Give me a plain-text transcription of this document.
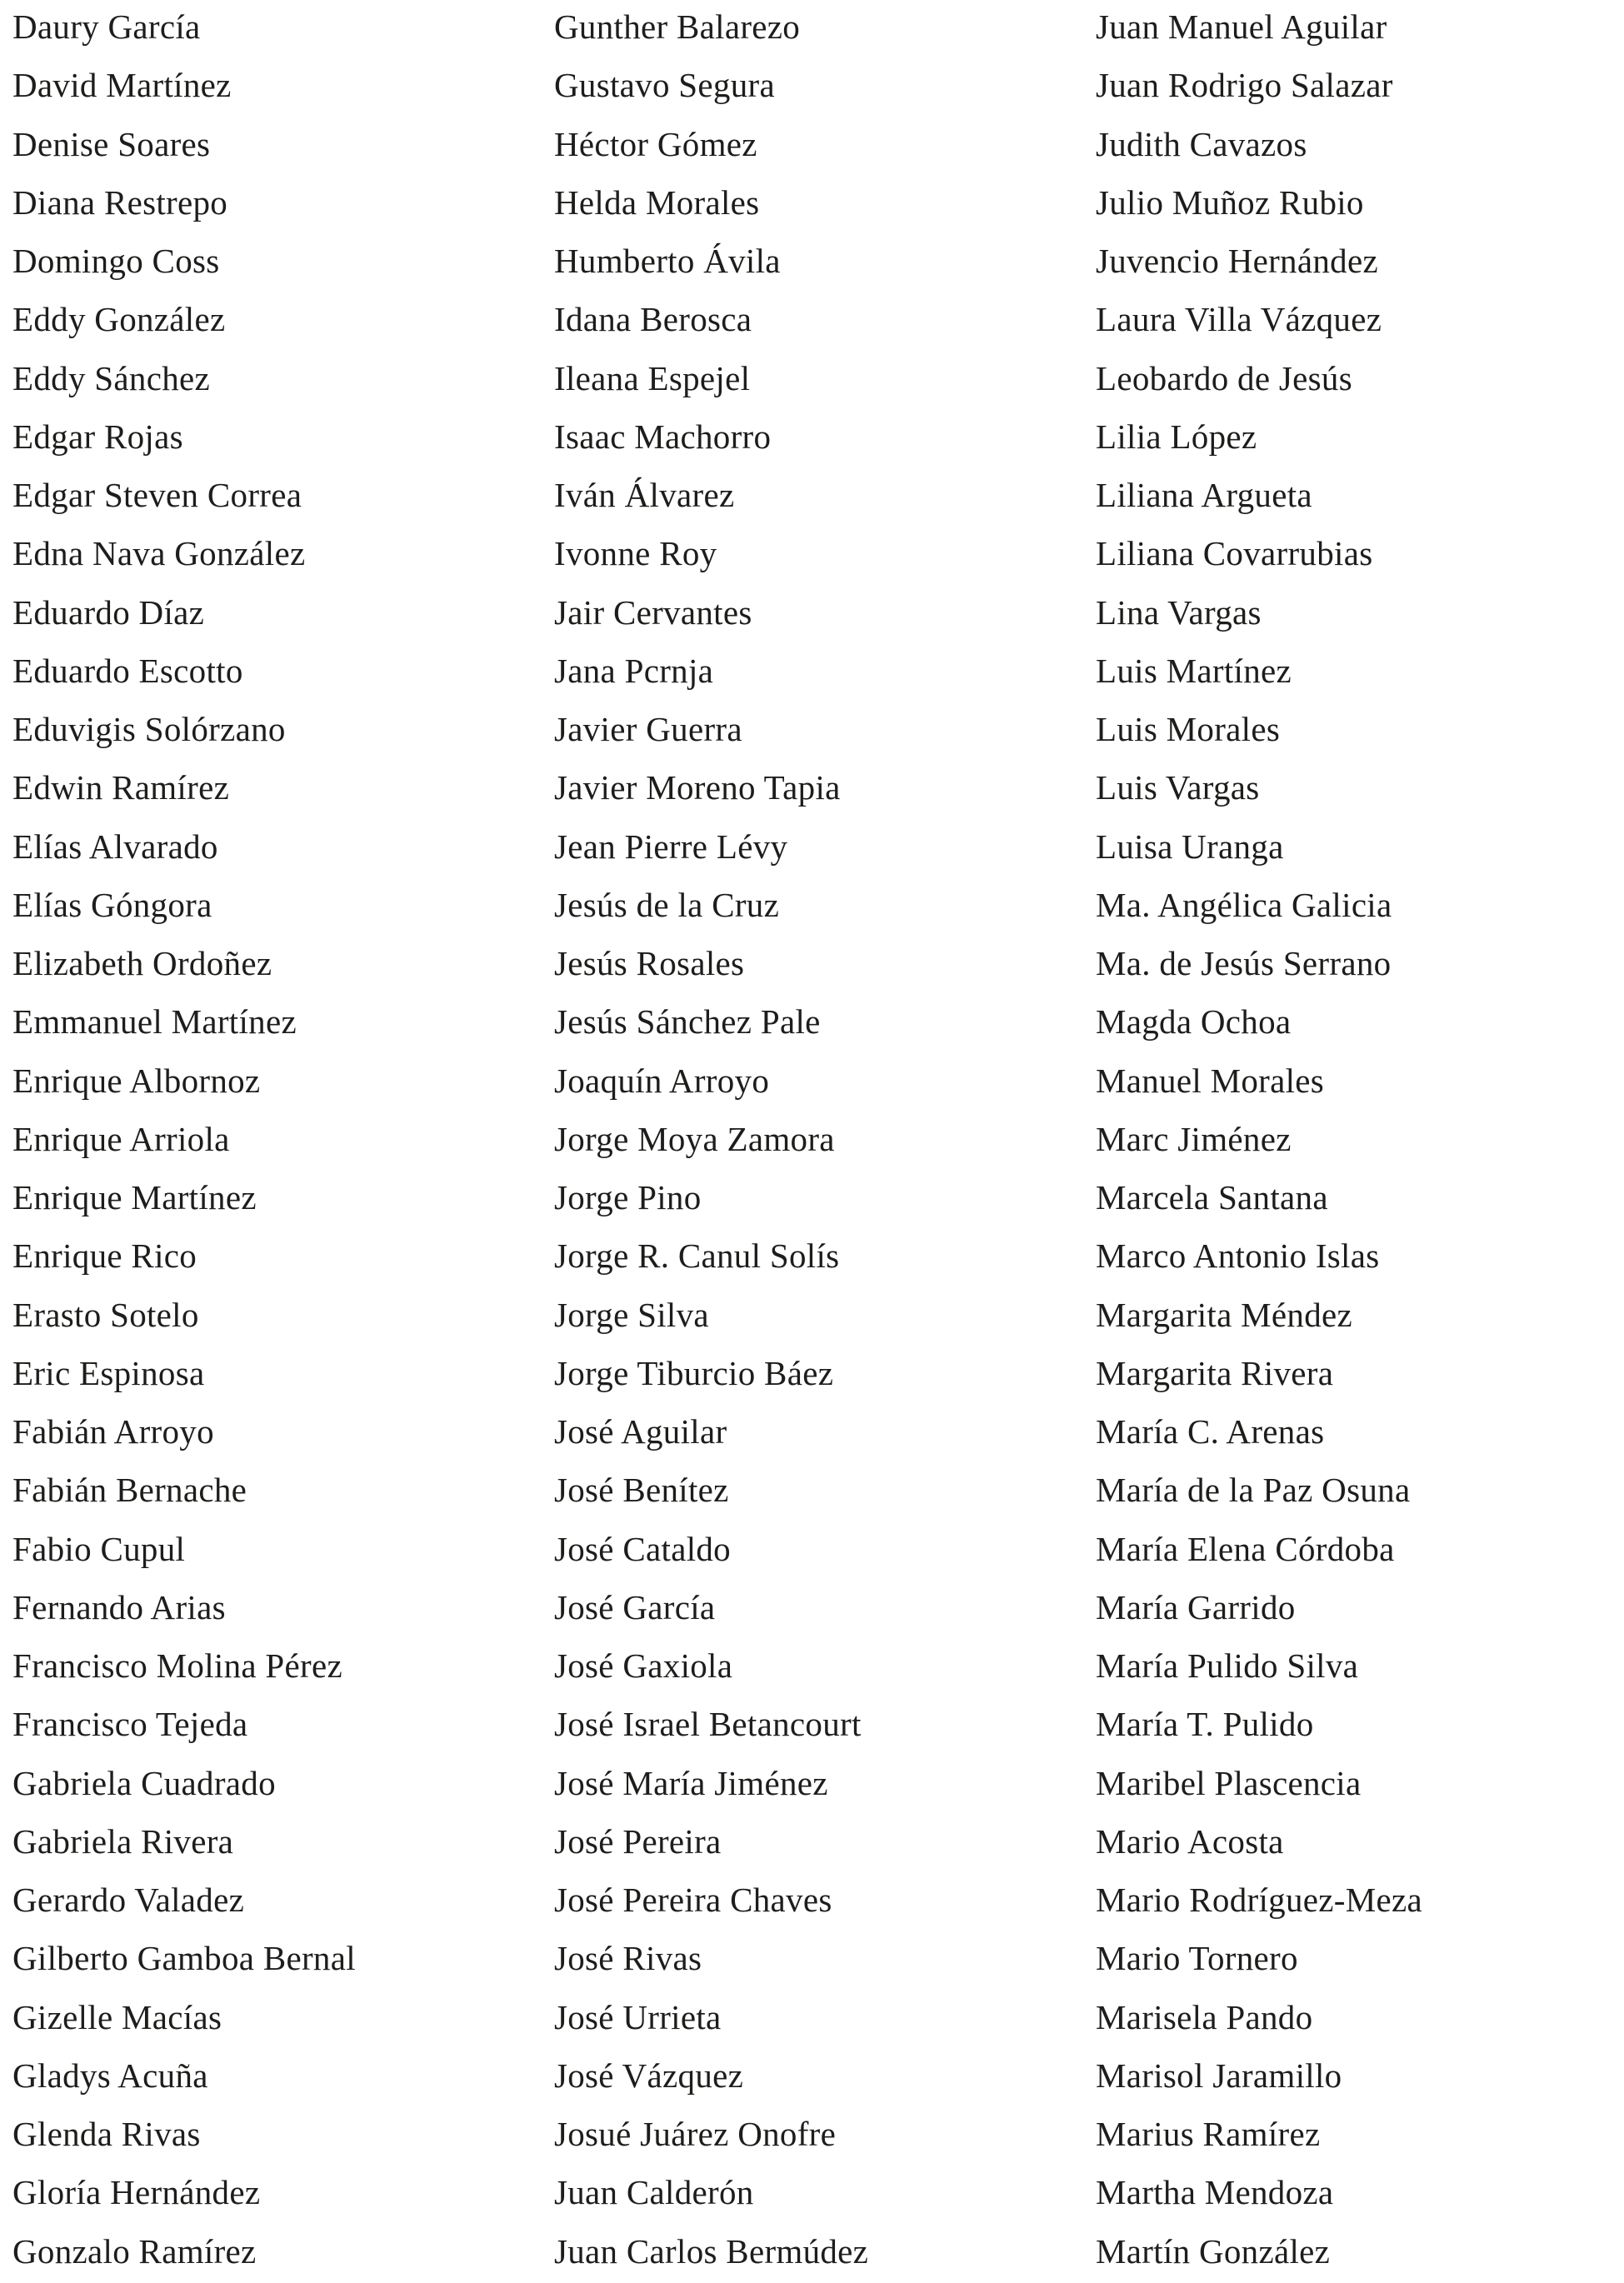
Daury García
David Martínez
Denise Soares
Diana Restrepo
Domingo Coss
Eddy González
Eddy Sánchez
Edgar Rojas
Edgar Steven Correa
Edna Nava González
Eduardo Díaz
Eduardo Escotto
Eduvigis Solórzano
Edwin Ramírez
Elías Alvarado
Elías Góngora
Elizabeth Ordoñez
Emmanuel Martínez
Enrique Albornoz
Enrique Arriola
Enrique Martínez
Enrique Rico
Erasto Sotelo
Eric Espinosa
Fabián Arroyo
Fabián Bernache
Fabio Cupul
Fernando Arias
Francisco Molina Pérez
Francisco Tejeda
Gabriela Cuadrado
Gabriela Rivera
Gerardo Valadez
Gilberto Gamboa Bernal
Gizelle Macías
Gladys Acuña
Glenda Rivas
Gloría Hernández
Gonzalo Ramírez
Gunther Balarezo
Gustavo Segura
Héctor Gómez
Helda Morales
Humberto Ávila
Idana Berosca
Ileana Espejel
Isaac Machorro
Iván Álvarez
Ivonne Roy
Jair Cervantes
Jana Pcrnja
Javier Guerra
Javier Moreno Tapia
Jean Pierre Lévy
Jesús de la Cruz
Jesús Rosales
Jesús Sánchez Pale
Joaquín Arroyo
Jorge Moya Zamora
Jorge Pino
Jorge R. Canul Solís
Jorge Silva
Jorge Tiburcio Báez
José Aguilar
José Benítez
José Cataldo
José García
José Gaxiola
José Israel Betancourt
José María Jiménez
José Pereira
José Pereira Chaves
José Rivas
José Urrieta
José Vázquez
Josué Juárez Onofre
Juan Calderón
Juan Carlos Bermúdez
Juan Manuel Aguilar
Juan Rodrigo Salazar
Judith Cavazos
Julio Muñoz Rubio
Juvencio Hernández
Laura Villa Vázquez
Leobardo de Jesús
Lilia López
Liliana Argueta
Liliana Covarrubias
Lina Vargas
Luis Martínez
Luis Morales
Luis Vargas
Luisa Uranga
Ma. Angélica Galicia
Ma. de Jesús Serrano
Magda Ochoa
Manuel Morales
Marc Jiménez
Marcela Santana
Marco Antonio Islas
Margarita Méndez
Margarita Rivera
María C. Arenas
María de la Paz Osuna
María Elena Córdoba
María Garrido
María Pulido Silva
María T. Pulido
Maribel Plascencia
Mario Acosta
Mario Rodríguez-Meza
Mario Tornero
Marisela Pando
Marisol Jaramillo
Marius Ramírez
Martha Mendoza
Martín González
